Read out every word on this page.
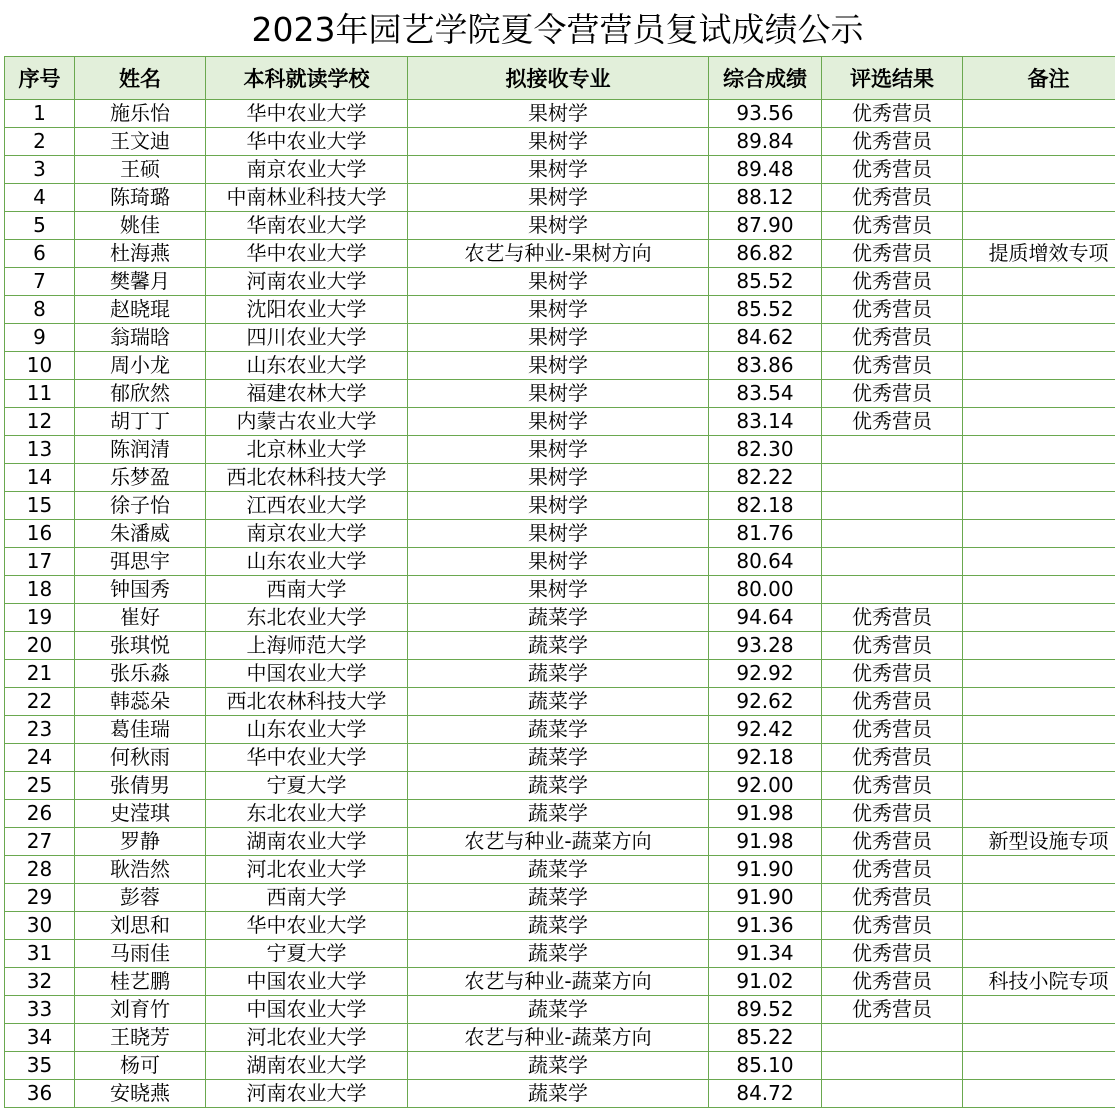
2023年园艺学院夏令营营员复试成绩公示
序号	姓名	本科就读学校	拟接收专业	综合成绩	评选结果	备注
1	施乐怡	华中农业大学	果树学	93.56	优秀营员	
2	王文迪	华中农业大学	果树学	89.84	优秀营员	
3	王硕	南京农业大学	果树学	89.48	优秀营员	
4	陈琦璐	中南林业科技大学	果树学	88.12	优秀营员	
5	姚佳	华南农业大学	果树学	87.90	优秀营员	
6	杜海燕	华中农业大学	农艺与种业-果树方向	86.82	优秀营员	提质增效专项
7	樊馨月	河南农业大学	果树学	85.52	优秀营员	
8	赵晓琨	沈阳农业大学	果树学	85.52	优秀营员	
9	翁瑞晗	四川农业大学	果树学	84.62	优秀营员	
10	周小龙	山东农业大学	果树学	83.86	优秀营员	
11	郁欣然	福建农林大学	果树学	83.54	优秀营员	
12	胡丁丁	内蒙古农业大学	果树学	83.14	优秀营员	
13	陈润清	北京林业大学	果树学	82.30		
14	乐梦盈	西北农林科技大学	果树学	82.22		
15	徐子怡	江西农业大学	果树学	82.18		
16	朱潘威	南京农业大学	果树学	81.76		
17	弭思宇	山东农业大学	果树学	80.64		
18	钟国秀	西南大学	果树学	80.00		
19	崔好	东北农业大学	蔬菜学	94.64	优秀营员	
20	张琪悦	上海师范大学	蔬菜学	93.28	优秀营员	
21	张乐淼	中国农业大学	蔬菜学	92.92	优秀营员	
22	韩蕊朵	西北农林科技大学	蔬菜学	92.62	优秀营员	
23	葛佳瑞	山东农业大学	蔬菜学	92.42	优秀营员	
24	何秋雨	华中农业大学	蔬菜学	92.18	优秀营员	
25	张倩男	宁夏大学	蔬菜学	92.00	优秀营员	
26	史滢琪	东北农业大学	蔬菜学	91.98	优秀营员	
27	罗静	湖南农业大学	农艺与种业-蔬菜方向	91.98	优秀营员	新型设施专项
28	耿浩然	河北农业大学	蔬菜学	91.90	优秀营员	
29	彭蓉	西南大学	蔬菜学	91.90	优秀营员	
30	刘思和	华中农业大学	蔬菜学	91.36	优秀营员	
31	马雨佳	宁夏大学	蔬菜学	91.34	优秀营员	
32	桂艺鹏	中国农业大学	农艺与种业-蔬菜方向	91.02	优秀营员	科技小院专项
33	刘育竹	中国农业大学	蔬菜学	89.52	优秀营员	
34	王晓芳	河北农业大学	农艺与种业-蔬菜方向	85.22		
35	杨可	湖南农业大学	蔬菜学	85.10		
36	安晓燕	河南农业大学	蔬菜学	84.72		
